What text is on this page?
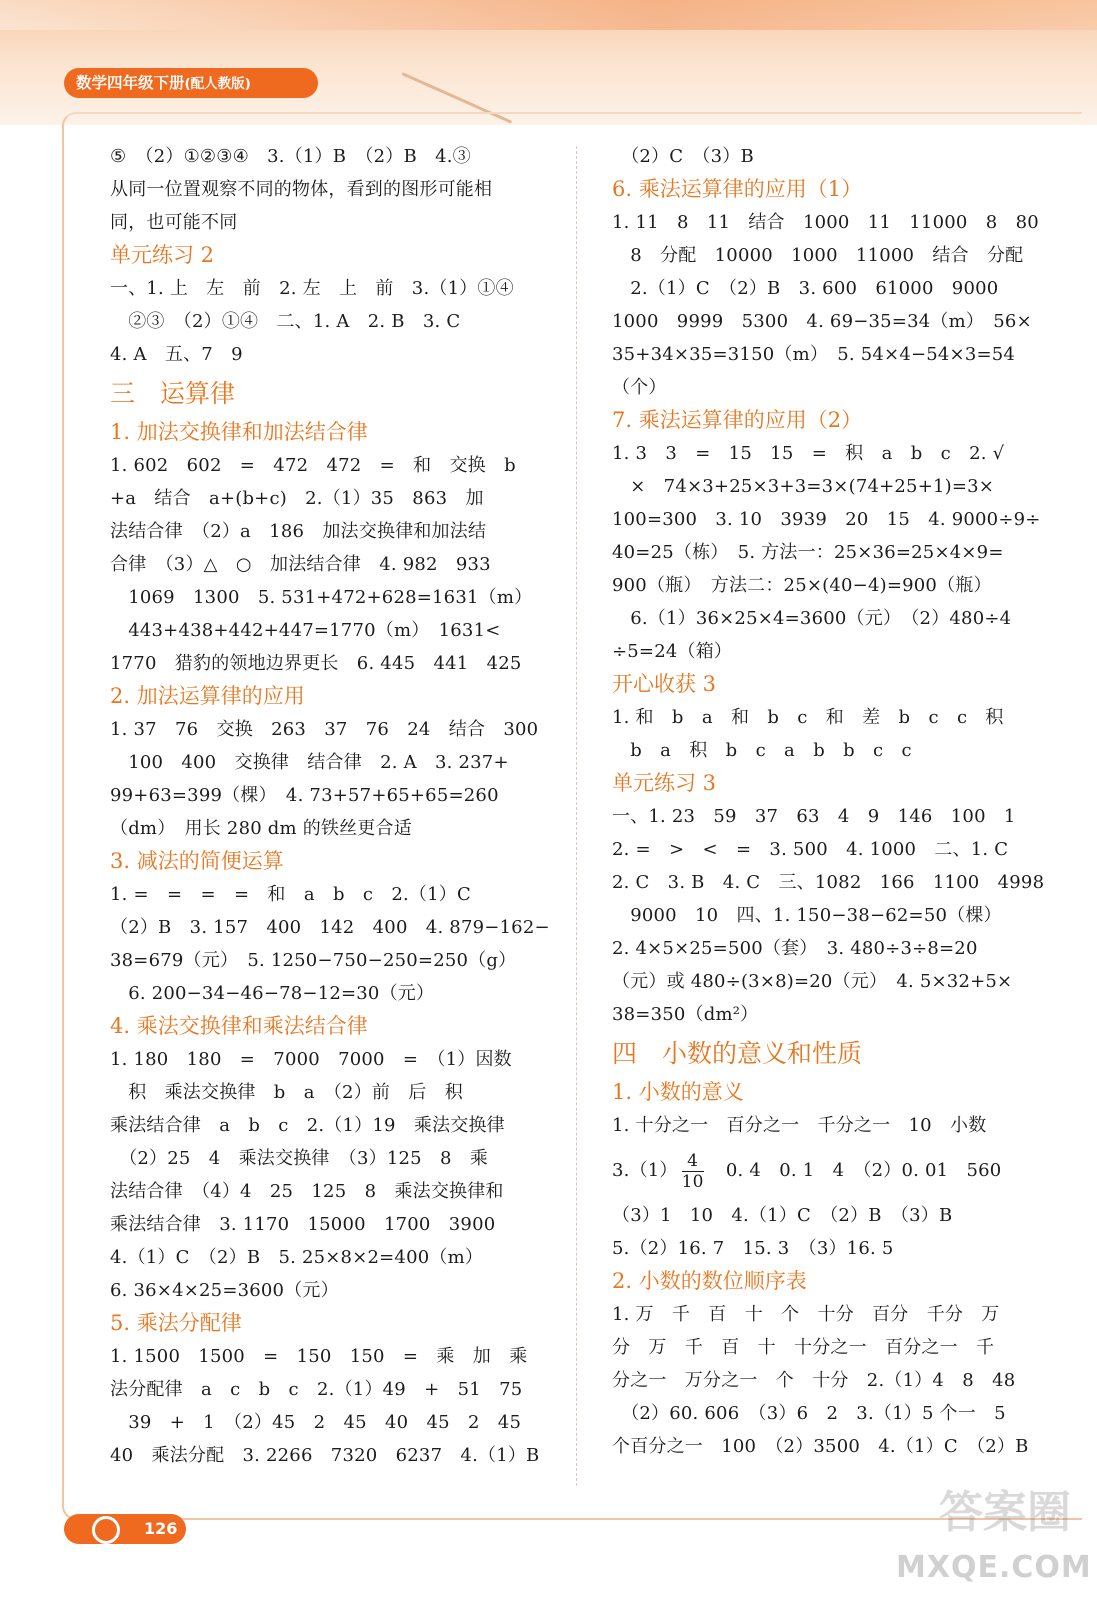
数学四年级下册(配人教版)
⑤　（2）①②③④　3.（1）B　（2）B　4.③
从同一位置观察不同的物体，看到的图形可能相
同，也可能不同
单元练习 2
一、1. 上　左　前　2. 左　上　前　3.（1）①④
　②③　（2）①④　二、1. A　2. B　3. C
4. A　五、7　9
三　运算律
1. 加法交换律和加法结合律
1. 602　602　=　472　472　=　和　交换　b
+a　结合　a+(b+c)　2.（1）35　863　加
法结合律　（2）a　186　加法交换律和加法结
合律　（3）△　○　加法结合律　4. 982　933
　1069　1300　5. 531+472+628=1631（m）
　443+438+442+447=1770（m）　1631<
1770　猎豹的领地边界更长　6. 445　441　425
2. 加法运算律的应用
1. 37　76　交换　263　37　76　24　结合　300
　100　400　交换律　结合律　2. A　3. 237+
99+63=399（棵）　4. 73+57+65+65=260
（dm）　用长 280 dm 的铁丝更合适
3. 减法的简便运算
1. =　=　=　=　和　a　b　c　2.（1）C
（2）B　3. 157　400　142　400　4. 879−162−
38=679（元）　5. 1250−750−250=250（g）
　6. 200−34−46−78−12=30（元）
4. 乘法交换律和乘法结合律
1. 180　180　=　7000　7000　=　（1）因数
　积　乘法交换律　b　a　（2）前　后　积
乘法结合律　a　b　c　2.（1）19　乘法交换律
　（2）25　4　乘法交换律　（3）125　8　乘
法结合律　（4）4　25　125　8　乘法交换律和
乘法结合律　3. 1170　15000　1700　3900
4.（1）C　（2）B　5. 25×8×2=400（m）
6. 36×4×25=3600（元）
5. 乘法分配律
1. 1500　1500　=　150　150　=　乘　加　乘
法分配律　a　c　b　c　2.（1）49　+　51　75
　39　+　1　（2）45　2　45　40　45　2　45
40　乘法分配　3. 2266　7320　6237　4.（1）B
　（2）C　（3）B
6. 乘法运算律的应用（1）
1. 11　8　11　结合　1000　11　11000　8　80
　8　分配　10000　1000　11000　结合　分配
　2.（1）C　（2）B　3. 600　61000　9000
1000　9999　5300　4. 69−35=34（m）　56×
35+34×35=3150（m）　5. 54×4−54×3=54
（个）
7. 乘法运算律的应用（2）
1. 3　3　=　15　15　=　积　a　b　c　2. √
　×　74×3+25×3+3=3×(74+25+1)=3×
100=300　3. 10　3939　20　15　4. 9000÷9÷
40=25（栋）　5. 方法一：25×36=25×4×9=
900（瓶）　方法二：25×(40−4)=900（瓶）
　6.（1）36×25×4=3600（元）　（2）480÷4
÷5=24（箱）
开心收获 3
1. 和　b　a　和　b　c　和　差　b　c　c　积
　b　a　积　b　c　a　b　b　c　c
单元练习 3
一、1. 23　59　37　63　4　9　146　100　1
2. =　>　<　=　3. 500　4. 1000　二、1. C
2. C　3. B　4. C　三、1082　166　1100　4998
　9000　10　四、1. 150−38−62=50（棵）
2. 4×5×25=500（套）　3. 480÷3÷8=20
（元）或 480÷(3×8)=20（元）　4. 5×32+5×
38=350（dm²）
四　小数的意义和性质
1. 小数的意义
1. 十分之一　百分之一　千分之一　10　小数
$3.(1) \frac{4}{10}$ 　0. 4　0. 1　4　（2）0. 01　560
（3）1　10　4.（1）C　（2）B　（3）B
5.（2）16. 7　15. 3　（3）16. 5
2. 小数的数位顺序表
1. 万　千　百　十　个　十分　百分　千分　万
分　万　千　百　十　十分之一　百分之一　千
分之一　万分之一　个　十分　2.（1）4　8　48
　（2）60. 606　（3）6　2　3.（1）5 个一　5
个百分之一　100　（2）3500　4.（1）C　（2）B
126	答案圈
MXQE.COM
